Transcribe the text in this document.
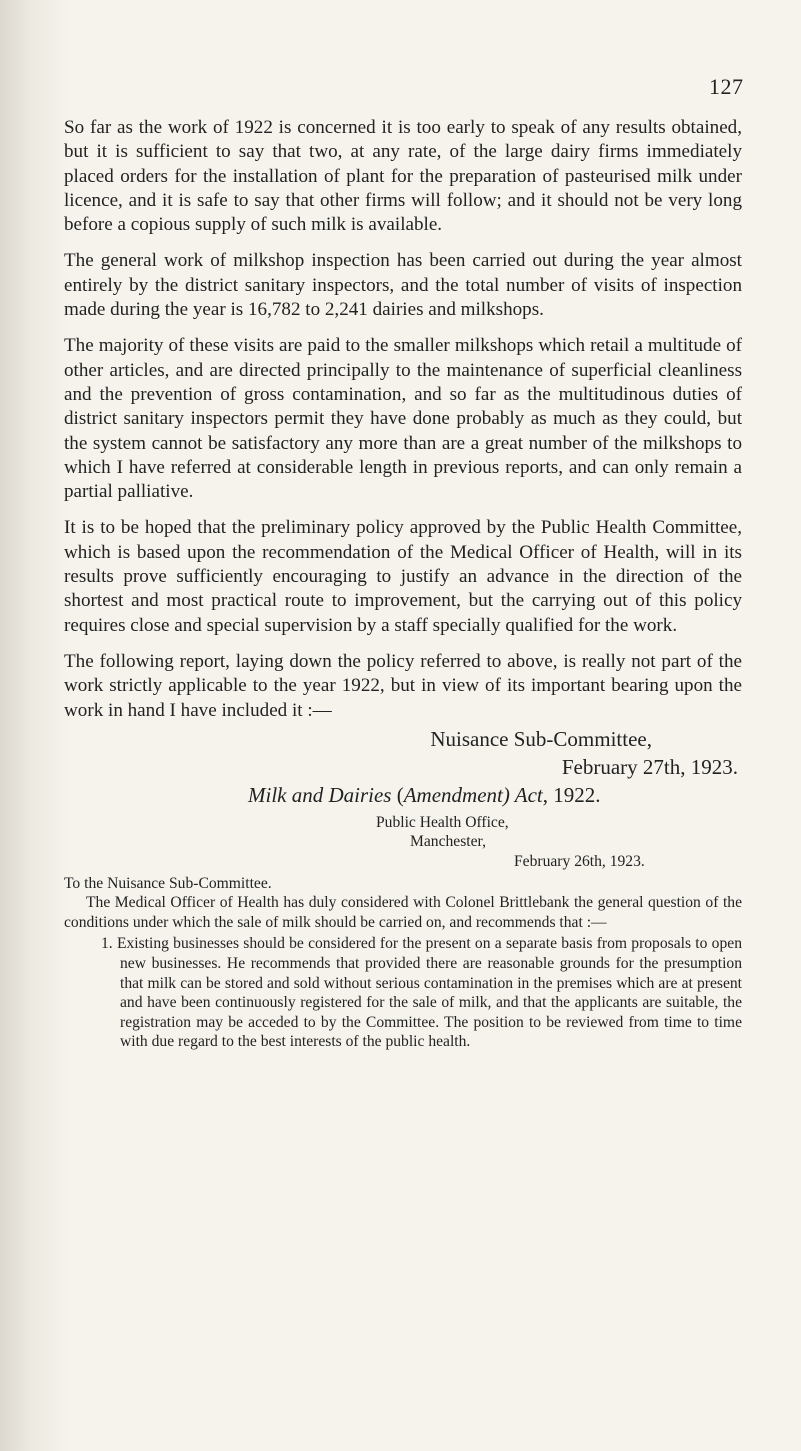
127

So far as the work of 1922 is concerned it is too early to speak of any results obtained, but it is sufficient to say that two, at any rate, of the large dairy firms immediately placed orders for the installation of plant for the preparation of pasteurised milk under licence, and it is safe to say that other firms will follow; and it should not be very long before a copious supply of such milk is available.

The general work of milkshop inspection has been carried out during the year almost entirely by the district sanitary inspectors, and the total number of visits of inspection made during the year is 16,782 to 2,241 dairies and milkshops.

The majority of these visits are paid to the smaller milkshops which retail a multitude of other articles, and are directed principally to the maintenance of superficial cleanliness and the prevention of gross contamination, and so far as the multitudinous duties of district sanitary inspectors permit they have done probably as much as they could, but the system cannot be satisfactory any more than are a great number of the milkshops to which I have referred at considerable length in previous reports, and can only remain a partial palliative.

It is to be hoped that the preliminary policy approved by the Public Health Committee, which is based upon the recommendation of the Medical Officer of Health, will in its results prove sufficiently encouraging to justify an advance in the direction of the shortest and most practical route to improvement, but the carrying out of this policy requires close and special supervision by a staff specially qualified for the work.

The following report, laying down the policy referred to above, is really not part of the work strictly applicable to the year 1922, but in view of its important bearing upon the work in hand I have included it :—

Nuisance Sub-Committee,

February 27th, 1923.

Milk and Dairies (Amendment) Act, 1922.

Public Health Office,

Manchester,

February 26th, 1923.

To the Nuisance Sub-Committee.

The Medical Officer of Health has duly considered with Colonel Brittlebank the general question of the conditions under which the sale of milk should be carried on, and recommends that :—

1. Existing businesses should be considered for the present on a separate basis from proposals to open new businesses. He recommends that provided there are reasonable grounds for the presumption that milk can be stored and sold without serious contamination in the premises which are at present and have been continuously registered for the sale of milk, and that the applicants are suitable, the registration may be acceded to by the Committee. The position to be reviewed from time to time with due regard to the best interests of the public health.
